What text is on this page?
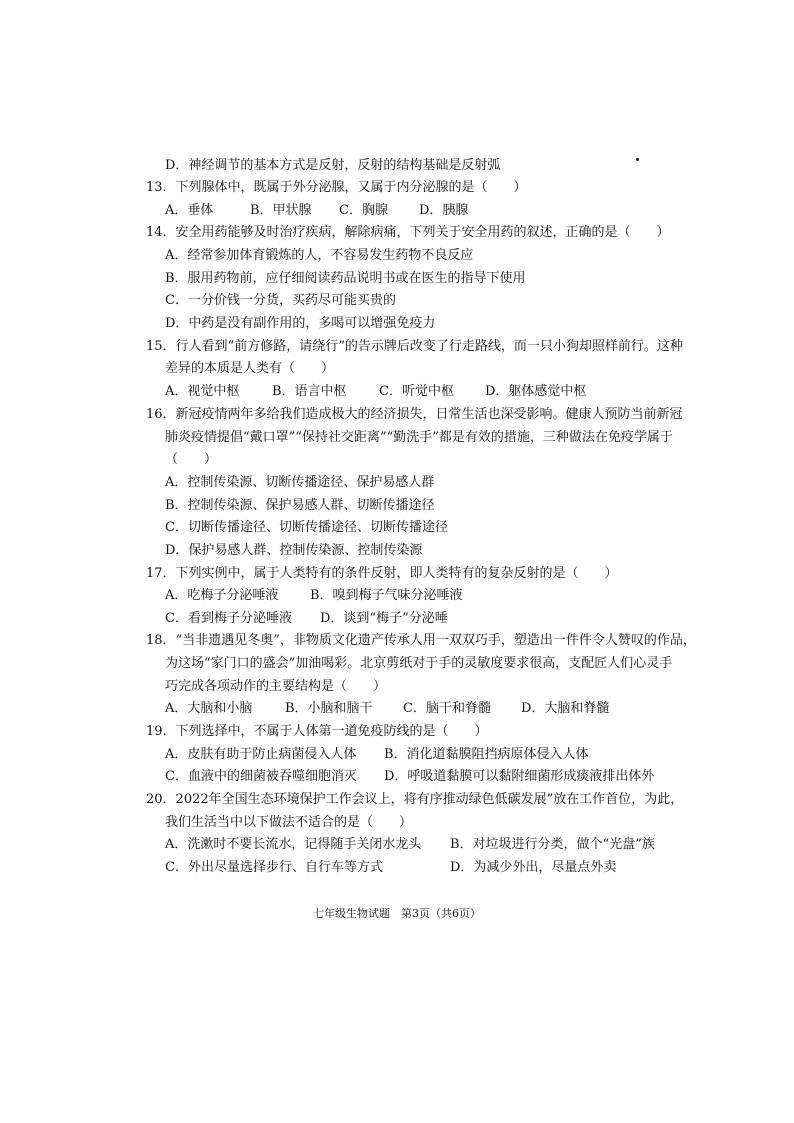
D．神经调节的基本方式是反射，反射的结构基础是反射弧
13．下列腺体中，既属于外分泌腺，又属于内分泌腺的是（　　）
A．垂体	B．甲状腺 C．胸腺 D．胰腺
14．安全用药能够及时治疗疾病，解除病痛，下列关于安全用药的叙述，正确的是（　　）
A．经常参加体育锻炼的人，不容易发生药物不良反应
B．服用药物前，应仔细阅读药品说明书或在医生的指导下使用
C．一分价钱一分货，买药尽可能买贵的
D．中药是没有副作用的，多喝可以增强免疫力
15．行人看到“前方修路，请绕行”的告示牌后改变了行走路线，而一只小狗却照样前行。这种
差异的本质是人类有（　　）
A．视觉中枢	B．语言中枢 C．听觉中枢 D．躯体感觉中枢
16．新冠疫情两年多给我们造成极大的经济损失，日常生活也深受影响。健康人预防当前新冠
肺炎疫情提倡“戴口罩”“保持社交距离”“勤洗手”都是有效的措施，三种做法在免疫学属于
（　　）
A．控制传染源、切断传播途径、保护易感人群
B．控制传染源、保护易感人群、切断传播途径
C．切断传播途径、切断传播途径、切断传播途径
D．保护易感人群、控制传染源、控制传染源
17．下列实例中，属于人类特有的条件反射，即人类特有的复杂反射的是（　　）
A．吃梅子分泌唾液 B．嗅到梅子气味分泌唾液
C．看到梅子分泌唾液 D．谈到“梅子”分泌唾
18．“当非遗遇见冬奥”，非物质文化遗产传承人用一双双巧手，塑造出一件件令人赞叹的作品，
为这场“家门口的盛会”加油喝彩。北京剪纸对于手的灵敏度要求很高，支配匠人们心灵手
巧完成各项动作的主要结构是（　　）
A．大脑和小脑	B．小脑和脑干 C．脑干和脊髓 D．大脑和脊髓
19．下列选择中，不属于人体第一道免疫防线的是（　　）
A．皮肤有助于防止病菌侵入人体 B．消化道黏膜阻挡病原体侵入人体
C．血液中的细菌被吞噬细胞消灭 D．呼吸道黏膜可以黏附细菌形成痰液排出体外
20．2022年全国生态环境保护工作会议上，将有序推动绿色低碳发展”放在工作首位，为此，
我们生活当中以下做法不适合的是（　　）
A．洗漱时不要长流水，记得随手关闭水龙头 B．对垃圾进行分类，做个“光盘”族
C．外出尽量选择步行、自行车等方式	D．为减少外出，尽量点外卖
七年级生物试题　第3页（共6页）
